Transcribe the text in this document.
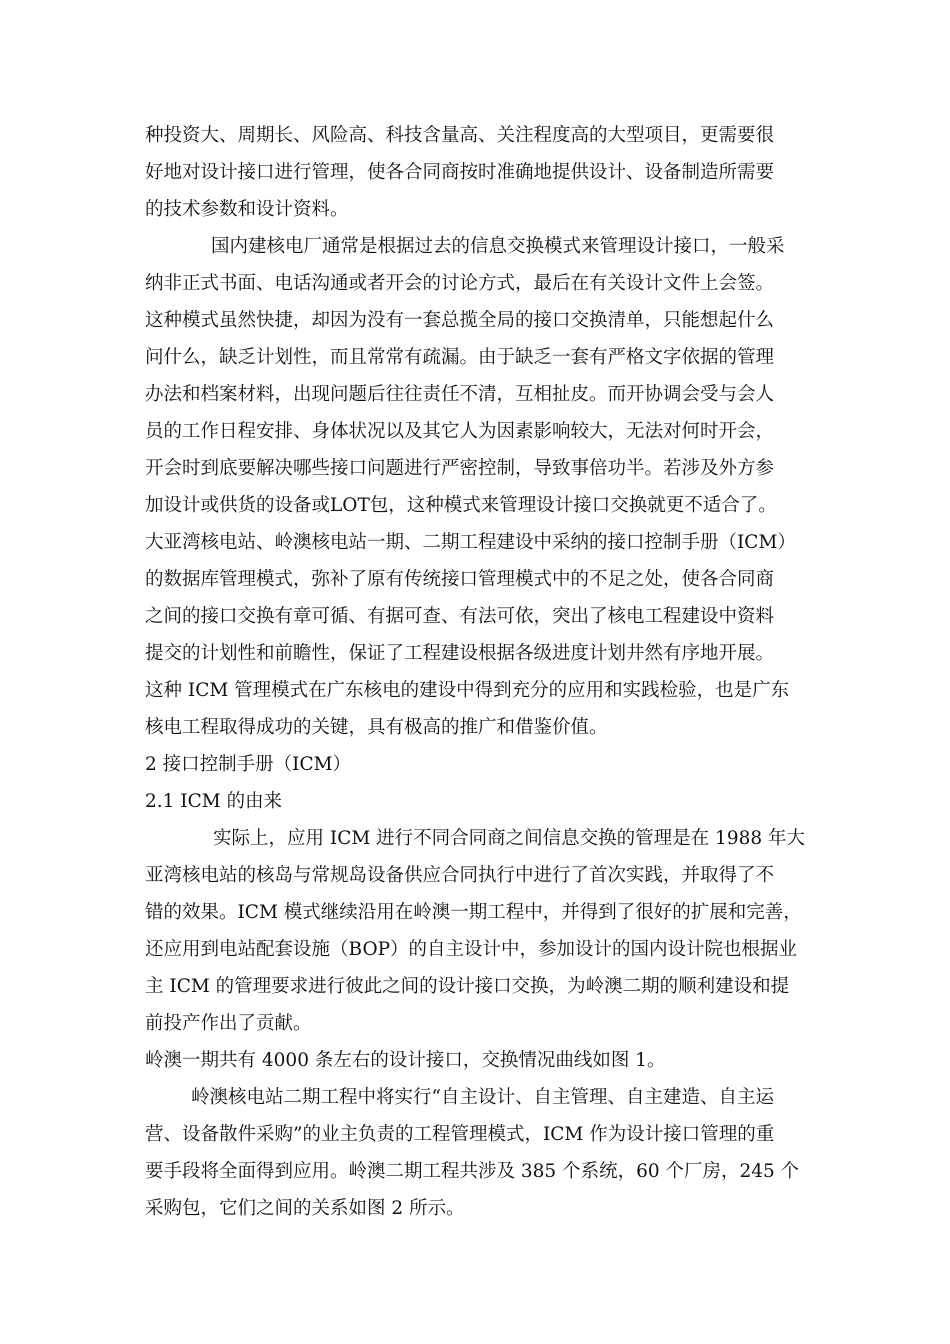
种投资大、周期长、风险高、科技含量高、关注程度高的大型项目，更需要很
好地对设计接口进行管理，使各合同商按时准确地提供设计、设备制造所需要
的技术参数和设计资料。
国内建核电厂通常是根据过去的信息交换模式来管理设计接口，一般采
纳非正式书面、电话沟通或者开会的讨论方式，最后在有关设计文件上会签。
这种模式虽然快捷，却因为没有一套总揽全局的接口交换清单，只能想起什么
问什么，缺乏计划性，而且常常有疏漏。由于缺乏一套有严格文字依据的管理
办法和档案材料，出现问题后往往责任不清，互相扯皮。而开协调会受与会人
员的工作日程安排、身体状况以及其它人为因素影响较大，无法对何时开会，
开会时到底要解决哪些接口问题进行严密控制，导致事倍功半。若涉及外方参
加设计或供货的设备或LOT包，这种模式来管理设计接口交换就更不适合了。
大亚湾核电站、岭澳核电站一期、二期工程建设中采纳的接口控制手册（ICM）
的数据库管理模式，弥补了原有传统接口管理模式中的不足之处，使各合同商
之间的接口交换有章可循、有据可查、有法可依，突出了核电工程建设中资料
提交的计划性和前瞻性，保证了工程建设根据各级进度计划井然有序地开展。
这种 ICM 管理模式在广东核电的建设中得到充分的应用和实践检验，也是广东
核电工程取得成功的关键，具有极高的推广和借鉴价值。
2 接口控制手册（ICM）
2.1 ICM 的由来
实际上，应用 ICM 进行不同合同商之间信息交换的管理是在 1988 年大
亚湾核电站的核岛与常规岛设备供应合同执行中进行了首次实践，并取得了不
错的效果。ICM 模式继续沿用在岭澳一期工程中，并得到了很好的扩展和完善，
还应用到电站配套设施（BOP）的自主设计中，参加设计的国内设计院也根据业
主 ICM 的管理要求进行彼此之间的设计接口交换，为岭澳二期的顺利建设和提
前投产作出了贡献。
岭澳一期共有 4000 条左右的设计接口，交换情况曲线如图 1。
岭澳核电站二期工程中将实行“自主设计、自主管理、自主建造、自主运
营、设备散件采购”的业主负责的工程管理模式，ICM 作为设计接口管理的重
要手段将全面得到应用。岭澳二期工程共涉及 385 个系统，60 个厂房，245 个
采购包，它们之间的关系如图 2 所示。
